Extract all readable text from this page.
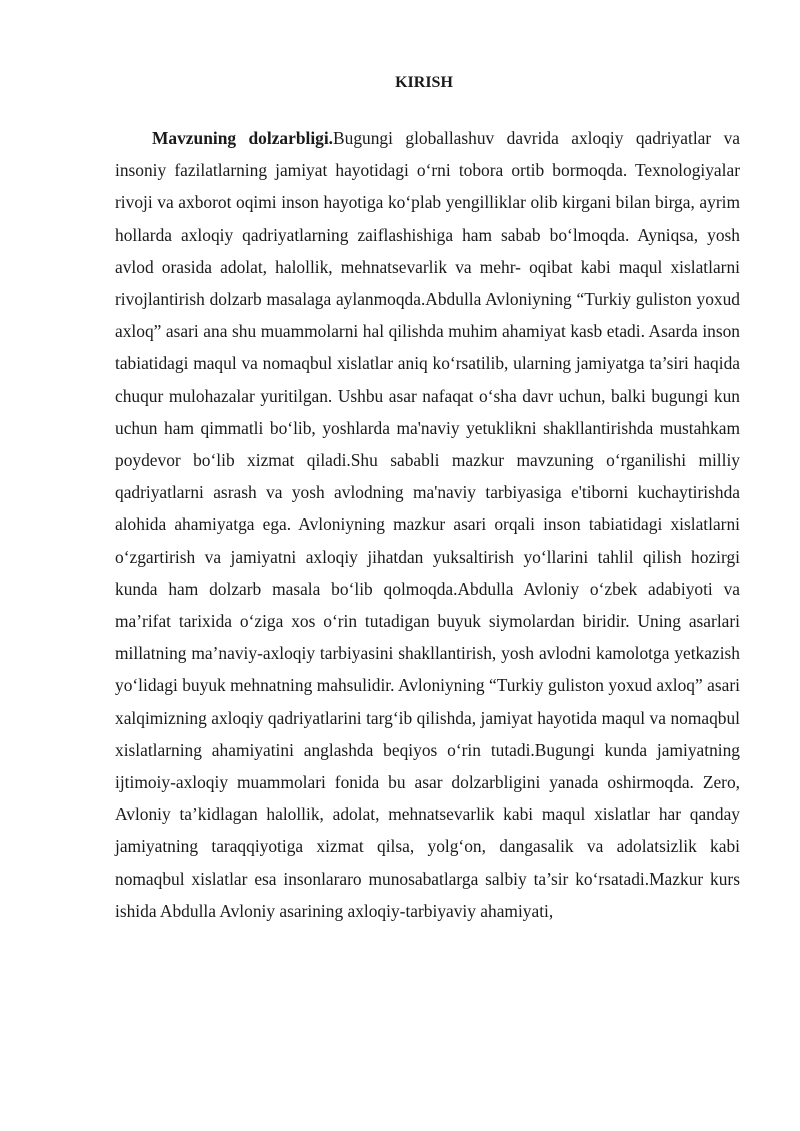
KIRISH

Mavzuning dolzarbligi.Bugungi globallashuv davrida axloqiy qadriyatlar va insoniy fazilatlarning jamiyat hayotidagi o‘rni tobora ortib bormoqda. Texnologiyalar rivoji va axborot oqimi inson hayotiga ko‘plab yengilliklar olib kirgani bilan birga, ayrim hollarda axloqiy qadriyatlarning zaiflashishiga ham sabab bo‘lmoqda. Ayniqsa, yosh avlod orasida adolat, halollik, mehnatsevarlik va mehr- oqibat kabi maqul xislatlarni rivojlantirish dolzarb masalaga aylanmoqda.Abdulla Avloniyning “Turkiy guliston yoxud axloq” asari ana shu muammolarni hal qilishda muhim ahamiyat kasb etadi. Asarda inson tabiatidagi maqul va nomaqbul xislatlar aniq ko‘rsatilib, ularning jamiyatga ta’siri haqida chuqur mulohazalar yuritilgan. Ushbu asar nafaqat o‘sha davr uchun, balki bugungi kun uchun ham qimmatli bo‘lib, yoshlarda ma'naviy yetuklikni shakllantirishda mustahkam poydevor bo‘lib xizmat qiladi.Shu sababli mazkur mavzuning o‘rganilishi milliy qadriyatlarni asrash va yosh avlodning ma'naviy tarbiyasiga e'tiborni kuchaytirishda alohida ahamiyatga ega. Avloniyning mazkur asari orqali inson tabiatidagi xislatlarni o‘zgartirish va jamiyatni axloqiy jihatdan yuksaltirish yo‘llarini tahlil qilish hozirgi kunda ham dolzarb masala bo‘lib qolmoqda.Abdulla Avloniy o‘zbek adabiyoti va ma’rifat tarixida o‘ziga xos o‘rin tutadigan buyuk siymolardan biridir. Uning asarlari millatning ma’naviy-axloqiy tarbiyasini shakllantirish, yosh avlodni kamolotga yetkazish yo‘lidagi buyuk mehnatning mahsulidir. Avloniyning “Turkiy guliston yoxud axloq” asari xalqimizning axloqiy qadriyatlarini targ‘ib qilishda, jamiyat hayotida maqul va nomaqbul xislatlarning ahamiyatini anglashda beqiyos o‘rin tutadi.Bugungi kunda jamiyatning ijtimoiy-axloqiy muammolari fonida bu asar dolzarbligini yanada oshirmoqda. Zero, Avloniy ta’kidlagan halollik, adolat, mehnatsevarlik kabi maqul xislatlar har qanday jamiyatning taraqqiyotiga xizmat qilsa, yolg‘on, dangasalik va adolatsizlik kabi nomaqbul xislatlar esa insonlararo munosabatlarga salbiy ta’sir ko‘rsatadi.Mazkur kurs ishida Abdulla Avloniy asarining axloqiy-tarbiyaviy ahamiyati,
